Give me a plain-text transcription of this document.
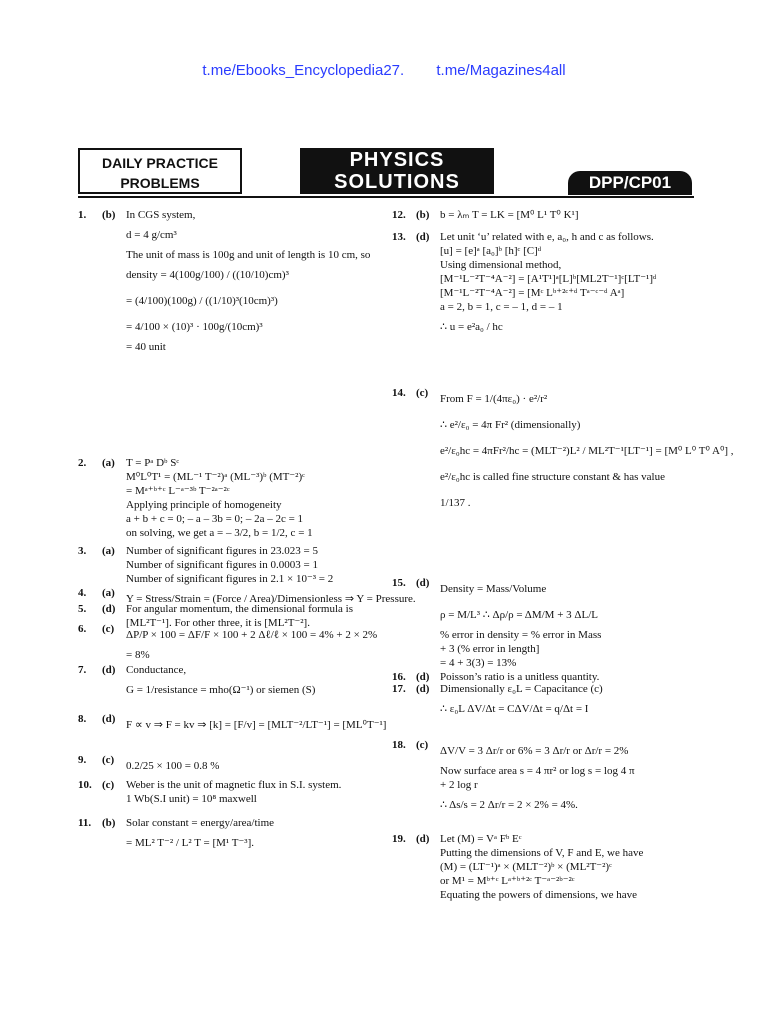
t.me/Ebooks_Encyclopedia27. t.me/Magazines4all
DAILY PRACTICE
PROBLEMS
PHYSICS
SOLUTIONS	DPP/CP01
1.	(b) In CGS system,
d = 4 g/cm³
The unit of mass is 100g and unit of length is 10 cm, so
density = 4(100g/100) / ((10/10)cm)³
= (4/100)(100g) / ((1/10)³(10cm)³)
= 4/100 × (10)³ · 100g/(10cm)³
= 40 unit
2.	(a) T = Pᵃ Dᵇ Sᶜ
M⁰L⁰T¹ = (ML⁻¹ T⁻²)ᵃ (ML⁻³)ᵇ (MT⁻²)ᶜ
= Mᵃ⁺ᵇ⁺ᶜ L⁻ᵃ⁻³ᵇ T⁻²ᵃ⁻²ᶜ
Applying principle of homogeneity
a + b + c = 0; – a – 3b = 0; – 2a – 2c = 1
on solving, we get a = – 3/2, b = 1/2, c = 1
3.	(a) Number of significant figures in 23.023 = 5
Number of significant figures in 0.0003 = 1
Number of significant figures in 2.1 × 10⁻³ = 2
4.	(a) Y = Stress/Strain = (Force / Area)/Dimensionless ⇒ Y = Pressure.
5.	(d) For angular momentum, the dimensional formula is
[ML²T⁻¹]. For other three, it is [ML²T⁻²].
6.	(c) ΔP/P × 100 = ΔF/F × 100 + 2 Δℓ/ℓ × 100 = 4% + 2 × 2%
= 8%
7.	(d) Conductance,
G = 1/resistance = mho(Ω⁻¹) or siemen (S)
8.	(d) F ∝ v ⇒ F = kv ⇒ [k] = [F/v] = [MLT⁻²/LT⁻¹] = [ML⁰T⁻¹]
9.	(c) 0.2/25 × 100 = 0.8 %
10. (c) Weber is the unit of magnetic flux in S.I. system.
1 Wb(S.I unit) = 10⁸ maxwell
11. (b) Solar constant = energy/area/time
= ML² T⁻² / L² T = [M¹ T⁻³].
12. (b) b = λₘ T = LK = [M⁰ L¹ T⁰ K¹]
13. (d) Let unit ‘u’ related with e, a₀, h and c as follows.
[u] = [e]ᵃ [a₀]ᵇ [h]ᶜ [C]ᵈ
Using dimensional method,
[M⁻¹L⁻²T⁻⁴A⁻²] = [A¹T¹]ᵃ[L]ᵇ[ML2T⁻¹]ᶜ[LT⁻¹]ᵈ
[M⁻¹L⁻²T⁻⁴A⁻²] = [Mᶜ Lᵇ⁺²ᶜ⁺ᵈ Tᵃ⁻ᶜ⁻ᵈ Aᵃ]
a = 2, b = 1, c = – 1, d = – 1
∴ u = e²a₀ / hc
14. (c) From F = 1/(4πε₀) · e²/r²
∴ e²/ε₀ = 4π Fr² (dimensionally)
e²/ε₀hc = 4πFr²/hc = (MLT⁻²)L² / ML²T⁻¹[LT⁻¹] = [M⁰ L⁰ T⁰ A⁰] ,
e²/ε₀hc is called fine structure constant & has value
1/137 .
15. (d) Density = Mass/Volume
ρ = M/L³ ∴ Δρ/ρ = ΔM/M + 3 ΔL/L
% error in density = % error in Mass
+ 3 (% error in length]
= 4 + 3(3) = 13%
16. (d) Poisson’s ratio is a unitless quantity.
17. (d) Dimensionally ε₀L = Capacitance (c)
∴ ε₀L ΔV/Δt = CΔV/Δt = q/Δt = I
18. (c) ΔV/V = 3 Δr/r or 6% = 3 Δr/r or Δr/r = 2%
Now surface area s = 4 πr² or log s = log 4 π
+ 2 log r
∴ Δs/s = 2 Δr/r = 2 × 2% = 4%.
19. (d) Let (M) = Vᵃ Fᵇ Eᶜ
Putting the dimensions of V, F and E, we have
(M) = (LT⁻¹)ᵃ × (MLT⁻²)ᵇ × (ML²T⁻²)ᶜ
or M¹ = Mᵇ⁺ᶜ Lᵃ⁺ᵇ⁺²ᶜ T⁻ᵃ⁻²ᵇ⁻²ᶜ
Equating the powers of dimensions, we have
